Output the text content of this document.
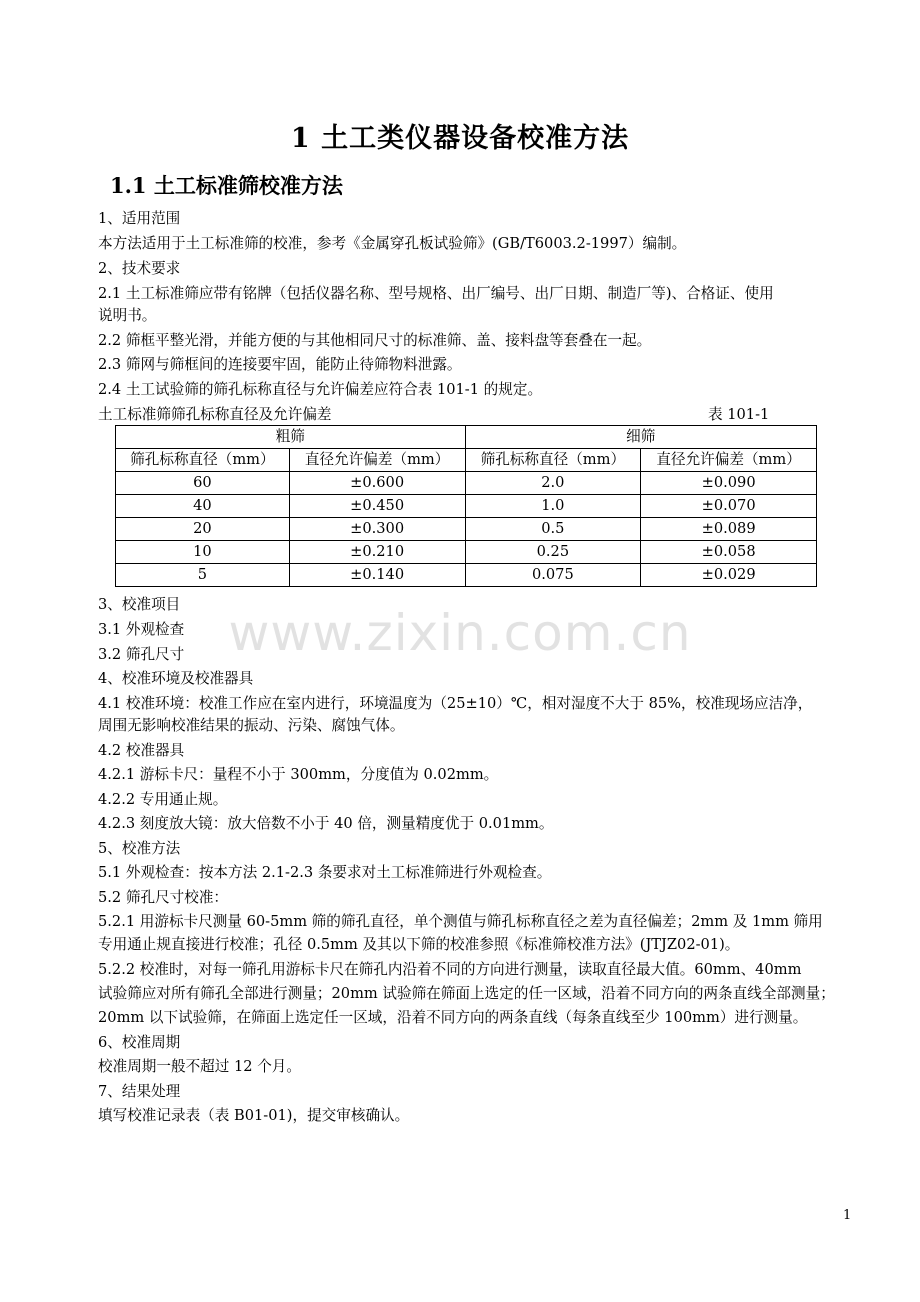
1 土工类仪器设备校准方法
1.1 土工标准筛校准方法
1、适用范围
本方法适用于土工标准筛的校准，参考《金属穿孔板试验筛》(GB/T6003.2-1997）编制。
2、技术要求
2.1 土工标准筛应带有铭牌（包括仪器名称、型号规格、出厂编号、出厂日期、制造厂等)、合格证、使用
说明书。
2.2 筛框平整光滑，并能方便的与其他相同尺寸的标准筛、盖、接料盘等套叠在一起。
2.3 筛网与筛框间的连接要牢固，能防止待筛物料泄露。
2.4 土工试验筛的筛孔标称直径与允许偏差应符合表 101-1 的规定。
土工标准筛筛孔标称直径及允许偏差	表 101-1
粗筛		细筛	
筛孔标称直径（mm）	直径允许偏差（mm）	筛孔标称直径（mm）	直径允许偏差（mm）
60	±0.600	2.0	±0.090
40	±0.450	1.0	±0.070
20	±0.300	0.5	±0.089
10	±0.210	0.25	±0.058
5	±0.140	0.075	±0.029
3、校准项目
3.1 外观检查
3.2 筛孔尺寸
4、校准环境及校准器具
4.1 校准环境：校准工作应在室内进行，环境温度为（25±10）℃，相对湿度不大于 85%，校准现场应洁净，
周围无影响校准结果的振动、污染、腐蚀气体。
4.2 校准器具
4.2.1 游标卡尺：量程不小于 300mm，分度值为 0.02mm。
4.2.2 专用通止规。
4.2.3 刻度放大镜：放大倍数不小于 40 倍，测量精度优于 0.01mm。
5、校准方法
5.1 外观检查：按本方法 2.1-2.3 条要求对土工标准筛进行外观检查。
5.2 筛孔尺寸校准：
5.2.1 用游标卡尺测量 60-5mm 筛的筛孔直径，单个测值与筛孔标称直径之差为直径偏差；2mm 及 1mm 筛用
专用通止规直接进行校准；孔径 0.5mm 及其以下筛的校准参照《标准筛校准方法》(JTJZ02-01)。
5.2.2 校准时，对每一筛孔用游标卡尺在筛孔内沿着不同的方向进行测量，读取直径最大值。60mm、40mm
试验筛应对所有筛孔全部进行测量；20mm 试验筛在筛面上选定的任一区域，沿着不同方向的两条直线全部测量；
20mm 以下试验筛，在筛面上选定任一区域，沿着不同方向的两条直线（每条直线至少 100mm）进行测量。
6、校准周期
校准周期一般不超过 12 个月。
7、结果处理
填写校准记录表（表 B01-01)，提交审核确认。
www.zixin.com.cn
1
